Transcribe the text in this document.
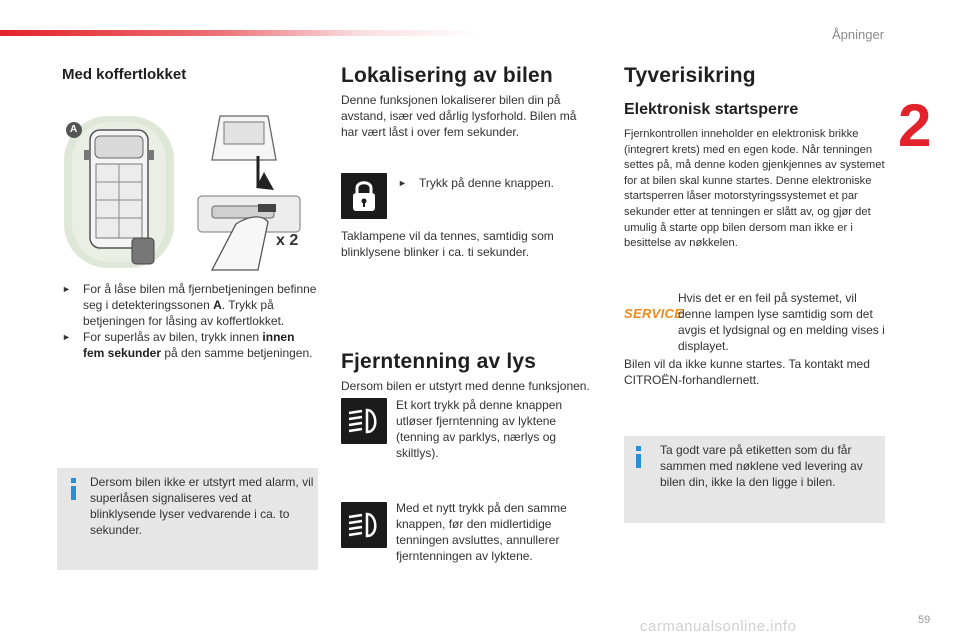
Åpninger
2
Med koffertlokket
A
x 2
► For å låse bilen må fjernbetjeningen befinne seg i detekteringssonen A. Trykk på betjeningen for låsing av koffertlokket.
► For superlås av bilen, trykk innen innen fem sekunder på den samme betjeningen.
Dersom bilen ikke er utstyrt med alarm, vil superlåsen signaliseres ved at blinklysende lyser vedvarende i ca. to sekunder.
Lokalisering av bilen
Denne funksjonen lokaliserer bilen din på avstand, især ved dårlig lysforhold. Bilen må har vært låst i over fem sekunder.
► Trykk på denne knappen.
Taklampene vil da tennes, samtidig som blinklysene blinker i ca. ti sekunder.
Fjerntenning av lys
Dersom bilen er utstyrt med denne funksjonen.
Et kort trykk på denne knappen utløser fjerntenning av lyktene (tenning av parklys, nærlys og skiltlys).
Med et nytt trykk på den samme knappen, før den midlertidige tenningen avsluttes, annullerer fjerntenningen av lyktene.
Tyverisikring
Elektronisk startsperre
Fjernkontrollen inneholder en elektronisk brikke (integrert krets) med en egen kode. Når tenningen settes på, må denne koden gjenkjennes av systemet for at bilen skal kunne startes. Denne elektroniske startsperren låser motorstyringssystemet et par sekunder etter at tenningen er slått av, og gjør det umulig å starte opp bilen dersom man ikke er i besittelse av nøkkelen.
SERVICE
Hvis det er en feil på systemet, vil denne lampen lyse samtidig som det avgis et lydsignal og en melding vises i displayet.
Bilen vil da ikke kunne startes. Ta kontakt med CITROËN-forhandlernett.
Ta godt vare på etiketten som du får sammen med nøklene ved levering av bilen din, ikke la den ligge i bilen.
59
carmanualsonline.info
